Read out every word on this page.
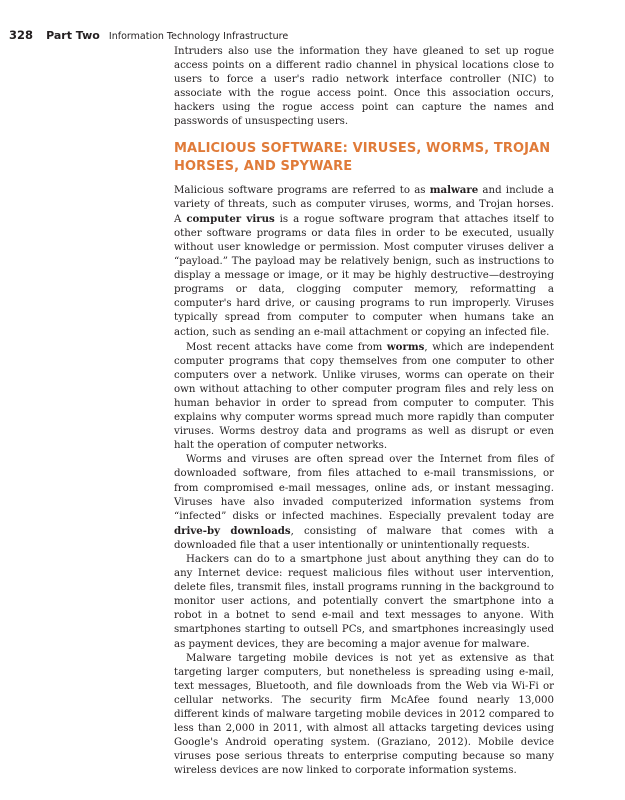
328 Part Two Information Technology Infrastructure

Intruders also use the information they have gleaned to set up rogue access points on a different radio channel in physical locations close to users to force a user's radio network interface controller (NIC) to associate with the rogue access point. Once this association occurs, hackers using the rogue access point can capture the names and passwords of unsuspecting users.

MALICIOUS SOFTWARE: VIRUSES, WORMS, TROJAN HORSES, AND SPYWARE

Malicious software programs are referred to as malware and include a variety of threats, such as computer viruses, worms, and Trojan horses. A computer virus is a rogue software program that attaches itself to other software programs or data files in order to be executed, usually without user knowledge or permission. Most computer viruses deliver a “payload.” The payload may be relatively benign, such as instructions to display a message or image, or it may be highly destructive—destroying programs or data, clogging computer memory, reformatting a computer's hard drive, or causing programs to run improperly. Viruses typically spread from computer to computer when humans take an action, such as sending an e-mail attachment or copying an infected file.

Most recent attacks have come from worms, which are independent computer programs that copy themselves from one computer to other computers over a network. Unlike viruses, worms can operate on their own without attaching to other computer program files and rely less on human behavior in order to spread from computer to computer. This explains why computer worms spread much more rapidly than computer viruses. Worms destroy data and programs as well as disrupt or even halt the operation of computer networks.

Worms and viruses are often spread over the Internet from files of downloaded software, from files attached to e-mail transmissions, or from compromised e-mail messages, online ads, or instant messaging. Viruses have also invaded computerized information systems from “infected” disks or infected machines. Especially prevalent today are drive-by downloads, consisting of malware that comes with a downloaded file that a user intentionally or unintentionally requests.

Hackers can do to a smartphone just about anything they can do to any Internet device: request malicious files without user intervention, delete files, transmit files, install programs running in the background to monitor user actions, and potentially convert the smartphone into a robot in a botnet to send e-mail and text messages to anyone. With smartphones starting to outsell PCs, and smartphones increasingly used as payment devices, they are becoming a major avenue for malware.

Malware targeting mobile devices is not yet as extensive as that targeting larger computers, but nonetheless is spreading using e-mail, text messages, Bluetooth, and file downloads from the Web via Wi-Fi or cellular networks. The security firm McAfee found nearly 13,000 different kinds of malware targeting mobile devices in 2012 compared to less than 2,000 in 2011, with almost all attacks targeting devices using Google's Android operating system. (Graziano, 2012). Mobile device viruses pose serious threats to enterprise computing because so many wireless devices are now linked to corporate information systems.
